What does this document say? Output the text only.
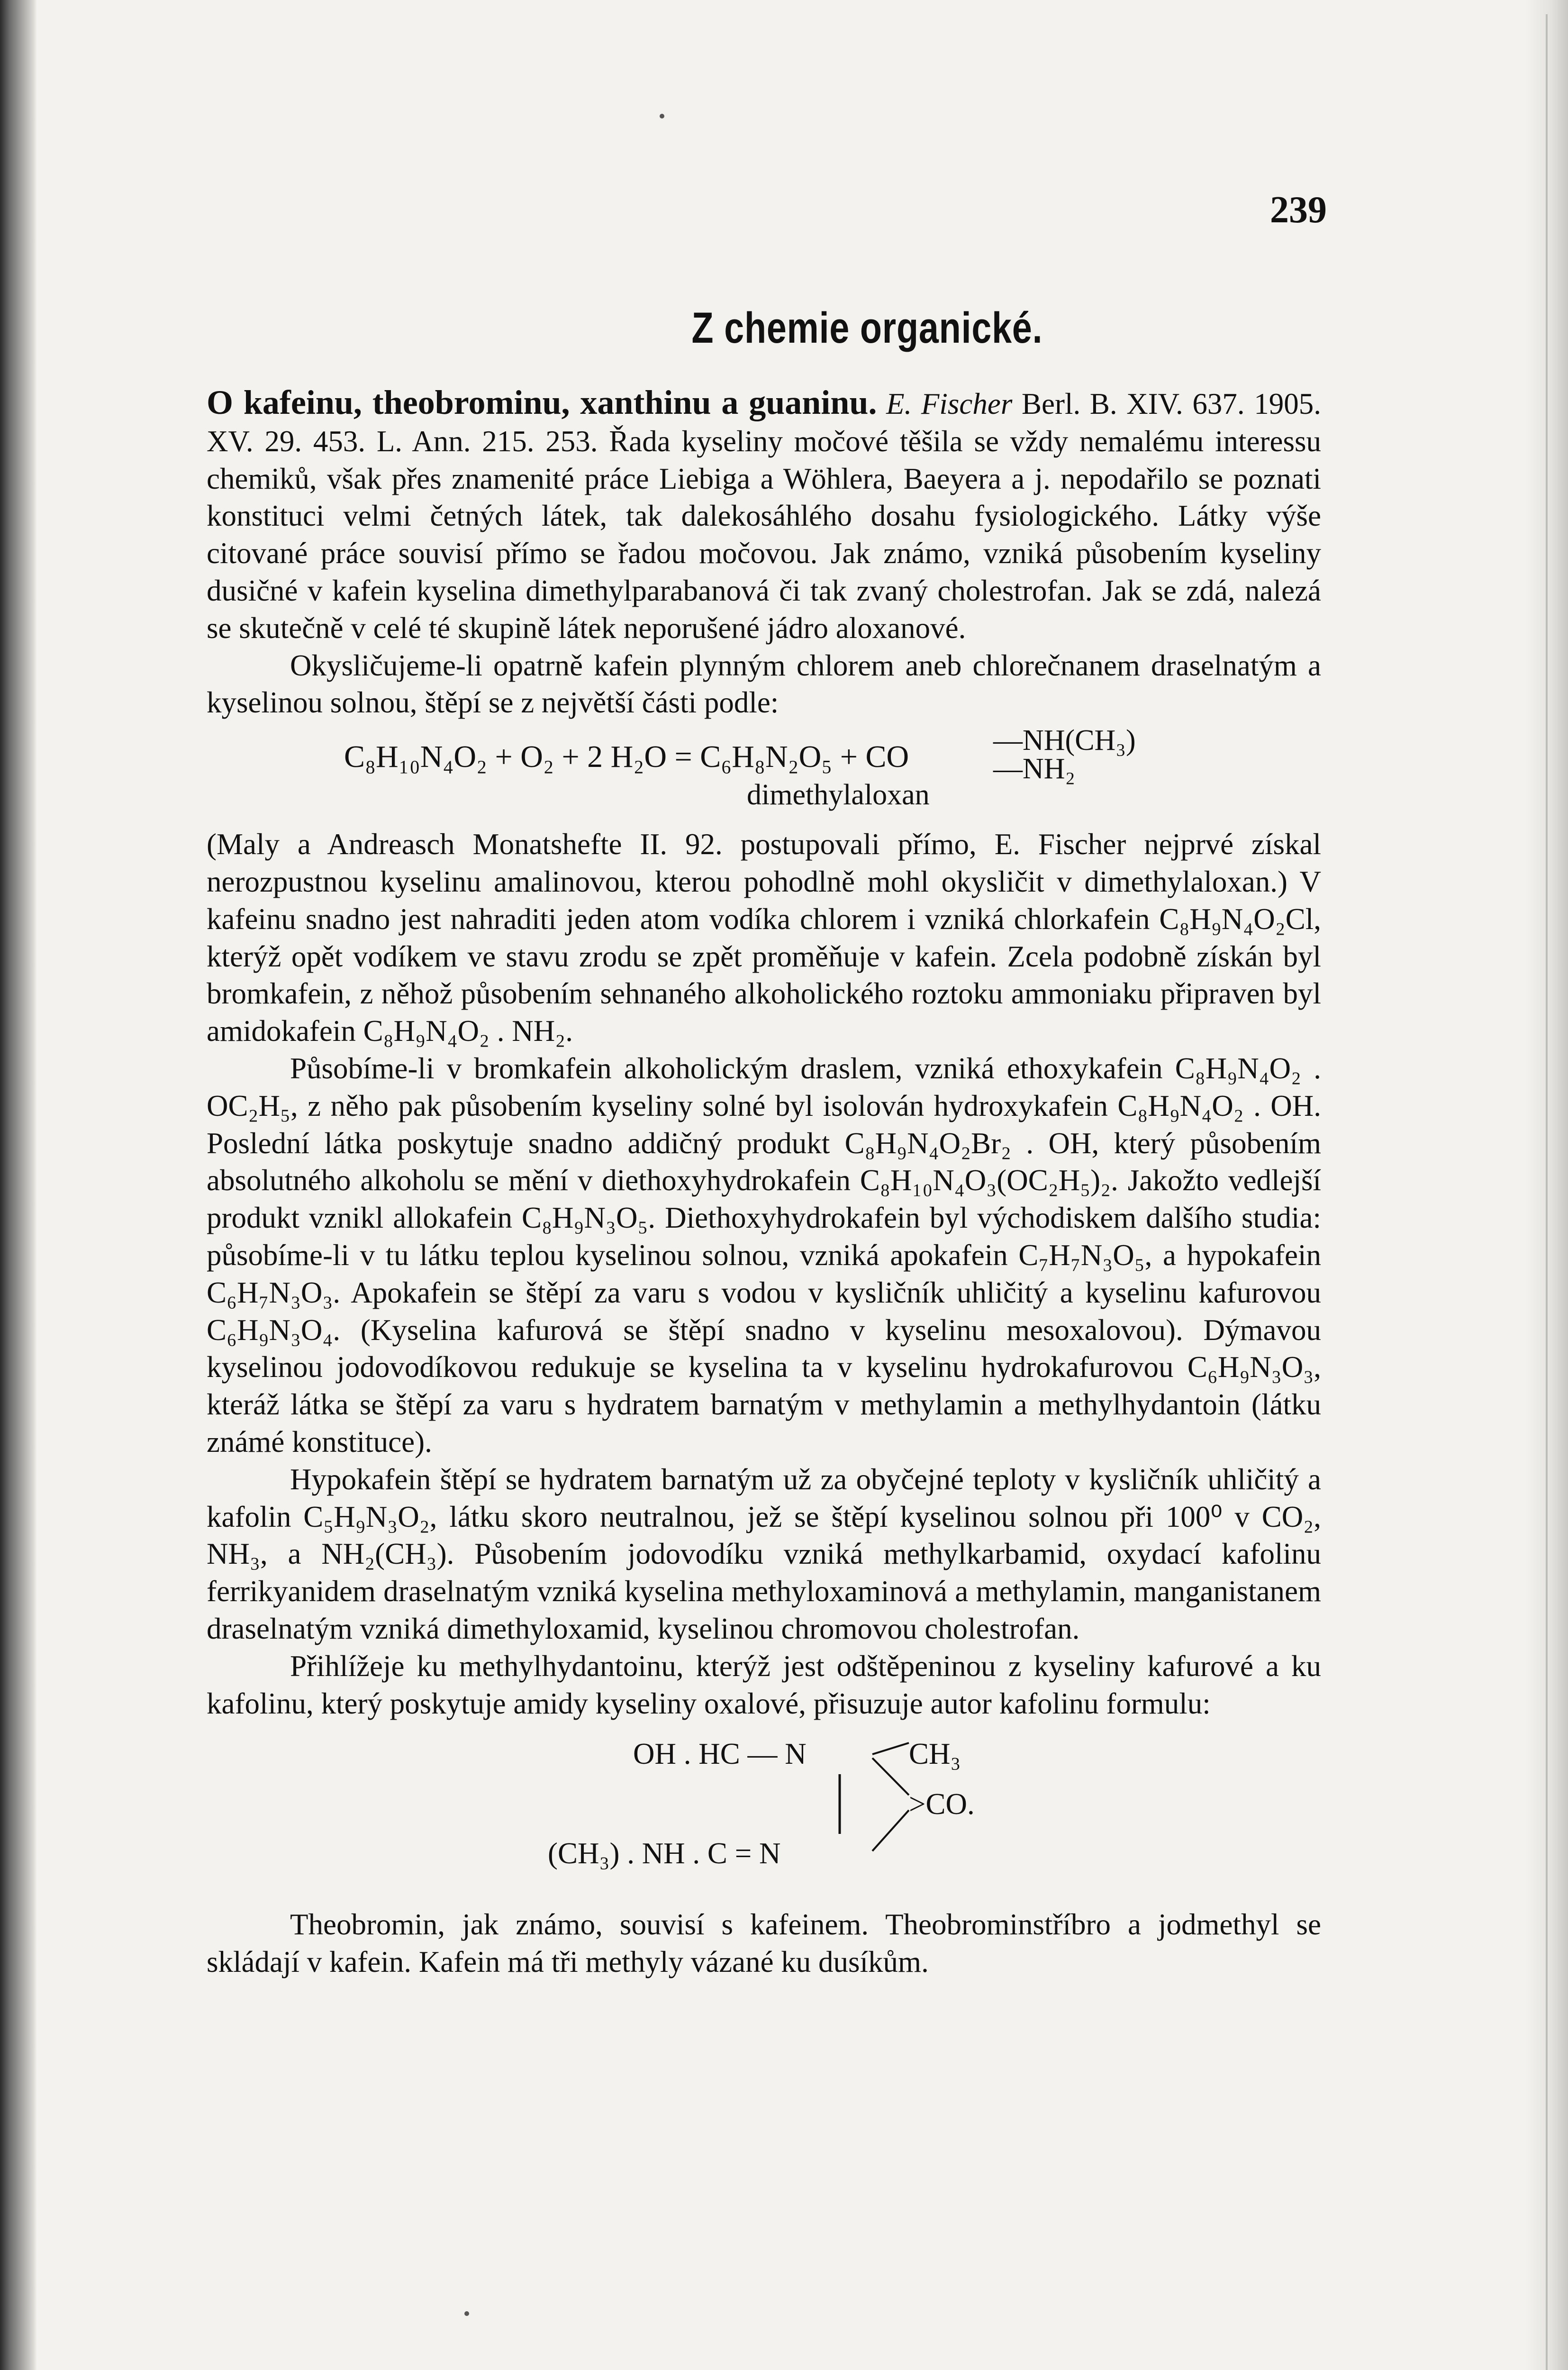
239
Z chemie organické.

O kafeinu, theobrominu, xanthinu a guaninu. E. Fischer Berl. B. XIV. 637. 1905. XV. 29. 453. L. Ann. 215. 253. Řada kyseliny močové těšila se vždy nemalému interessu chemiků, však přes znamenité práce Liebiga a Wöhlera, Baeyera a j. nepodařilo se poznati konstituci velmi četných látek, tak dalekosáhlého dosahu fysiologického. Látky výše citované práce souvisí přímo se řadou močovou. Jak známo, vzniká působením kyseliny dusičné v kafein kyselina dimethylparabanová či tak zvaný cholestrofan. Jak se zdá, nalezá se skutečně v celé té skupině látek neporušené jádro aloxanové.

Okysličujeme-li opatrně kafein plynným chlorem aneb chlorečnanem draselnatým a kyselinou solnou, štěpí se z největší části podle:

C₈H₁₀N₄O₂ + O₂ + 2 H₂O = C₆H₈N₂O₅ + CO	—NH(CH₃)
—NH₂
dimethylaloxan

(Maly a Andreasch Monatshefte II. 92. postupovali přímo, E. Fischer nejprvé získal nerozpustnou kyselinu amalinovou, kterou pohodlně mohl okysličit v dimethylaloxan.) V kafeinu snadno jest nahraditi jeden atom vodíka chlorem i vzniká chlorkafein C₈H₉N₄O₂Cl, kterýž opět vodíkem ve stavu zrodu se zpět proměňuje v kafein. Zcela podobně získán byl bromkafein, z něhož působením sehnaného alkoholického roztoku ammoniaku připraven byl amidokafein C₈H₉N₄O₂ . NH₂.

Působíme-li v bromkafein alkoholickým draslem, vzniká ethoxykafein C₈H₉N₄O₂ . OC₂H₅, z něho pak působením kyseliny solné byl isolován hydroxykafein C₈H₉N₄O₂ . OH. Poslední látka poskytuje snadno addičný produkt C₈H₉N₄O₂Br₂ . OH, který působením absolutného alkoholu se mění v diethoxyhydrokafein C₈H₁₀N₄O₃(OC₂H₅)₂. Jakožto vedlejší produkt vznikl allokafein C₈H₉N₃O₅. Diethoxyhydrokafein byl východiskem dalšího studia: působíme-li v tu látku teplou kyselinou solnou, vzniká apokafein C₇H₇N₃O₅, a hypokafein C₆H₇N₃O₃. Apokafein se štěpí za varu s vodou v kysličník uhličitý a kyselinu kafurovou C₆H₉N₃O₄. (Kyselina kafurová se štěpí snadno v kyselinu mesoxalovou). Dýmavou kyselinou jodovodíkovou redukuje se kyselina ta v kyselinu hydrokafurovou C₆H₉N₃O₃, kteráž látka se štěpí za varu s hydratem barnatým v methylamin a methylhydantoin (látku známé konstituce).

Hypokafein štěpí se hydratem barnatým už za obyčejné teploty v kysličník uhličitý a kafolin C₅H₉N₃O₂, látku skoro neutralnou, jež se štěpí kyselinou solnou při 100⁰ v CO₂, NH₃, a NH₂(CH₃). Působením jodovodíku vzniká methylkarbamid, oxydací kafolinu ferrikyanidem draselnatým vzniká kyselina methyloxaminová a methylamin, manganistanem draselnatým vzniká dimethyloxamid, kyselinou chromovou cholestrofan.

Přihlížeje ku methylhydantoinu, kterýž jest odštěpeninou z kyseliny kafurové a ku kafolinu, který poskytuje amidy kyseliny oxalové, přisuzuje autor kafolinu formulu:

OH . HC — N	CH₃
>CO.
(CH₃) . NH . C = N

Theobromin, jak známo, souvisí s kafeinem. Theobrominstříbro a jodmethyl se skládají v kafein. Kafein má tři methyly vázané ku dusíkům.
